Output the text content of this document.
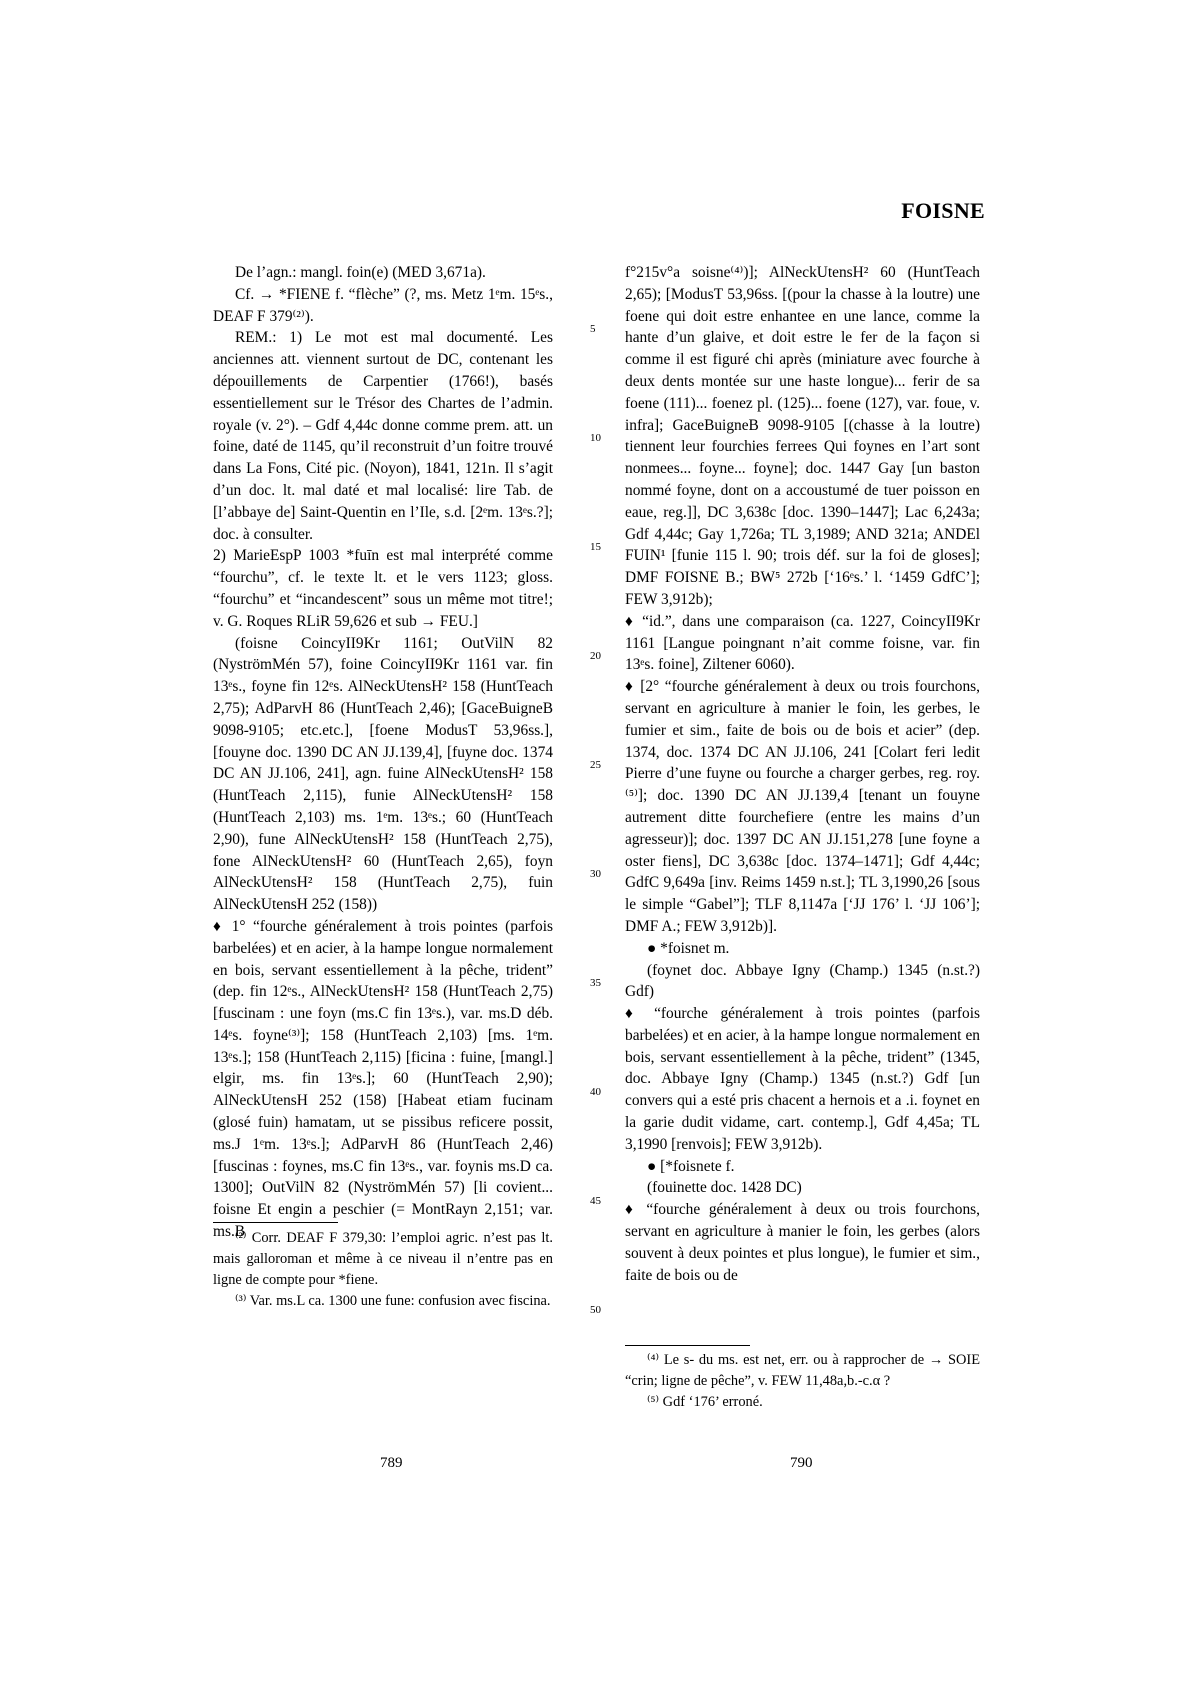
FOISNE

De l’agn.: mangl. foin(e) (MED 3,671a).

Cf. → *FIENE f. “flèche” (?, ms. Metz 1ᵉm. 15ᵉs., DEAF F 379⁽²⁾).

REM.: 1) Le mot est mal documenté. Les anciennes att. viennent surtout de DC, contenant les dépouillements de Carpentier (1766!), basés essentiellement sur le Trésor des Chartes de l’admin. royale (v. 2°). – Gdf 4,44c donne comme prem. att. un foine, daté de 1145, qu’il reconstruit d’un foitre trouvé dans La Fons, Cité pic. (Noyon), 1841, 121n. Il s’agit d’un doc. lt. mal daté et mal localisé: lire Tab. de [l’abbaye de] Saint-Quentin en l’Ile, s.d. [2ᵉm. 13ᵉs.?]; doc. à consulter.

2) MarieEspP 1003 *fuīn est mal interprété comme “fourchu”, cf. le texte lt. et le vers 1123; gloss. “fourchu” et “incandescent” sous un même mot titre!; v. G. Roques RLiR 59,626 et sub → FEU.]

(foisne CoincyII9Kr 1161; OutVilN 82 (NyströmMén 57), foine CoincyII9Kr 1161 var. fin 13ᵉs., foyne fin 12ᵉs. AlNeckUtensH² 158 (HuntTeach 2,75); AdParvH 86 (HuntTeach 2,46); [GaceBuigneB 9098-9105; etc.etc.], [foene ModusT 53,96ss.], [fouyne doc. 1390 DC AN JJ.139,4], [fuyne doc. 1374 DC AN JJ.106, 241], agn. fuine AlNeckUtensH² 158 (HuntTeach 2,115), funie AlNeckUtensH² 158 (HuntTeach 2,103) ms. 1ᵉm. 13ᵉs.; 60 (HuntTeach 2,90), fune AlNeckUtensH² 158 (HuntTeach 2,75), fone AlNeckUtensH² 60 (HuntTeach 2,65), foyn AlNeckUtensH² 158 (HuntTeach 2,75), fuin AlNeckUtensH 252 (158))

♦ 1° “fourche généralement à trois pointes (parfois barbelées) et en acier, à la hampe longue normalement en bois, servant essentiellement à la pêche, trident” (dep. fin 12ᵉs., AlNeckUtensH² 158 (HuntTeach 2,75) [fuscinam : une foyn (ms.C fin 13ᵉs.), var. ms.D déb. 14ᵉs. foyne⁽³⁾]; 158 (HuntTeach 2,103) [ms. 1ᵉm. 13ᵉs.]; 158 (HuntTeach 2,115) [ficina : fuine, [mangl.] elgir, ms. fin 13ᵉs.]; 60 (HuntTeach 2,90); AlNeckUtensH 252 (158) [Habeat etiam fucinam (glosé fuin) hamatam, ut se pissibus reficere possit, ms.J 1ᵉm. 13ᵉs.]; AdParvH 86 (HuntTeach 2,46) [fuscinas : foynes, ms.C fin 13ᵉs., var. foynis ms.D ca. 1300]; OutVilN 82 (NyströmMén 57) [li covient... foisne Et engin a peschier (= MontRayn 2,151; var. ms.B

5
10
15
20
25
30
35
40
45
50

f°215v°a soisne⁽⁴⁾)]; AlNeckUtensH² 60 (HuntTeach 2,65); [ModusT 53,96ss. [(pour la chasse à la loutre) une foene qui doit estre enhantee en une lance, comme la hante d’un glaive, et doit estre le fer de la façon si comme il est figuré chi après (miniature avec fourche à deux dents montée sur une haste longue)... ferir de sa foene (111)... foenez pl. (125)... foene (127), var. foue, v. infra]; GaceBuigneB 9098-9105 [(chasse à la loutre) tiennent leur fourchies ferrees Qui foynes en l’art sont nonmees... foyne... foyne]; doc. 1447 Gay [un baston nommé foyne, dont on a accoustumé de tuer poisson en eaue, reg.]], DC 3,638c [doc. 1390–1447]; Lac 6,243a; Gdf 4,44c; Gay 1,726a; TL 3,1989; AND 321a; ANDEl FUIN¹ [funie 115 l. 90; trois déf. sur la foi de gloses]; DMF FOISNE B.; BW⁵ 272b [‘16ᵉs.’ l. ‘1459 GdfC’]; FEW 3,912b);

♦ “id.”, dans une comparaison (ca. 1227, CoincyII9Kr 1161 [Langue poingnant n’ait comme foisne, var. fin 13ᵉs. foine], Ziltener 6060).

♦ [2° “fourche généralement à deux ou trois fourchons, servant en agriculture à manier le foin, les gerbes, le fumier et sim., faite de bois ou de bois et acier” (dep. 1374, doc. 1374 DC AN JJ.106, 241 [Colart feri ledit Pierre d’une fuyne ou fourche a charger gerbes, reg. roy.⁽⁵⁾]; doc. 1390 DC AN JJ.139,4 [tenant un fouyne autrement ditte fourchefiere (entre les mains d’un agresseur)]; doc. 1397 DC AN JJ.151,278 [une foyne a oster fiens], DC 3,638c [doc. 1374–1471]; Gdf 4,44c; GdfC 9,649a [inv. Reims 1459 n.st.]; TL 3,1990,26 [sous le simple “Gabel”]; TLF 8,1147a [‘JJ 176’ l. ‘JJ 106’]; DMF A.; FEW 3,912b)].

● *foisnet m.

(foynet doc. Abbaye Igny (Champ.) 1345 (n.st.?) Gdf)

♦ “fourche généralement à trois pointes (parfois barbelées) et en acier, à la hampe longue normalement en bois, servant essentiellement à la pêche, trident” (1345, doc. Abbaye Igny (Champ.) 1345 (n.st.?) Gdf [un convers qui a esté pris chacent a hernois et a .i. foynet en la garie dudit vidame, cart. contemp.], Gdf 4,45a; TL 3,1990 [renvois]; FEW 3,912b).

● [*foisnete f.

(fouinette doc. 1428 DC)

♦ “fourche généralement à deux ou trois fourchons, servant en agriculture à manier le foin, les gerbes (alors souvent à deux pointes et plus longue), le fumier et sim., faite de bois ou de

⁽²⁾ Corr. DEAF F 379,30: l’emploi agric. n’est pas lt. mais galloroman et même à ce niveau il n’entre pas en ligne de compte pour *fiene.

⁽³⁾ Var. ms.L ca. 1300 une fune: confusion avec fiscina.

⁽⁴⁾ Le s- du ms. est net, err. ou à rapprocher de → SOIE “crin; ligne de pêche”, v. FEW 11,48a,b.-c.α ?

⁽⁵⁾ Gdf ‘176’ erroné.

789	790
